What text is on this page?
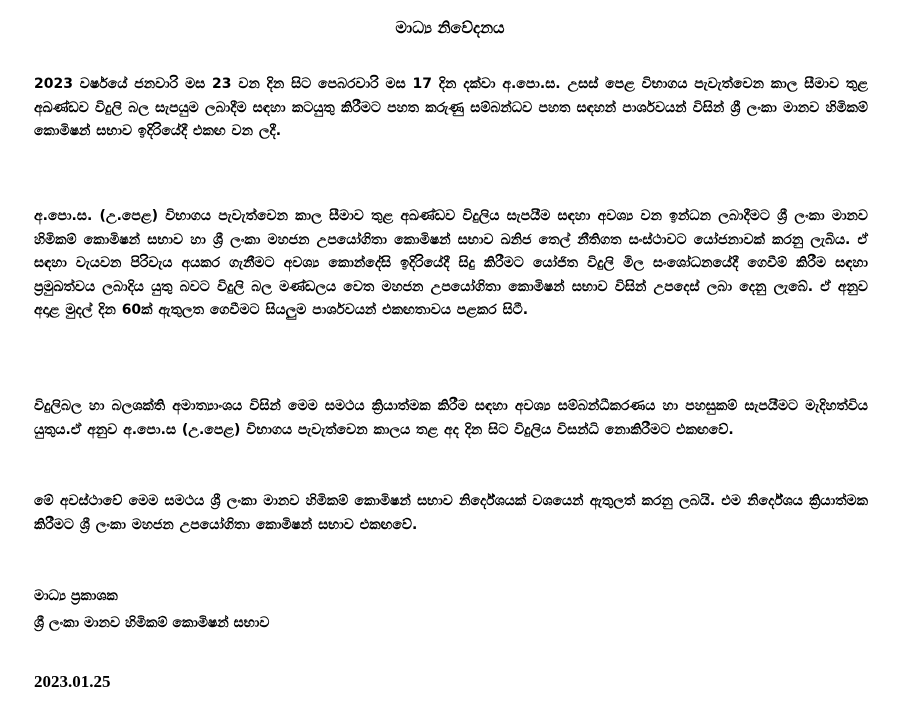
මාධ්‍ය නිවේදනය

2023 වර්ෂයේ ජනවාරි මස 23 වන දින සිට පෙබරවාරි මස 17 දින දක්වා අ.පො.ස. උසස් පෙළ විභාගය පැවැත්වෙන කාල සීමාව තුළ අඛණ්ඩව විදුලි බල සැපයුම ලබාදීම සඳහා කටයුතු කිරීමට පහත කරුණු සම්බන්ධව පහත සඳහන් පාර්ශවයන් විසින් ශ්‍රී ලංකා මානව හිමිකම් කොමිෂන් සභාව ඉදිරියේදී එකඟ වන ලදී.

අ.පො.ස. (උ.පෙළ) විභාගය පැවැත්වෙන කාල සීමාව තුළ අඛණ්ඩව විදුලිය සැපයීම සඳහා අවශ්‍ය වන ඉන්ධන ලබාදීමට ශ්‍රී ලංකා මානව හිමිකම් කොමිෂන් සභාව හා ශ්‍රී ලංකා මහජන උපයෝගිතා කොමිෂන් සභාව ඛනිජ තෙල් නීතිගත සංස්ථාවට යෝජනාවක් කරනු ලැබිය. ඒ සඳහා වැයවන පිරිවැය අයකර ගැනීමට අවශ්‍ය කොන්දේසි ඉදිරියේදී සිදු කිරීමට යෝජිත විදුලි මිල සංශෝධනයේදී ගෙවීම් කිරීම සඳහා ප්‍රමුඛත්වය ලබාදිය යුතු බවට විදුලි බල මණ්ඩලය වෙත මහජන උපයෝගිතා කොමිෂන් සභාව විසින් උපදෙස් ලබා දෙනු ලැබේ. ඒ අනුව අදාළ මුදල් දින 60ක් ඇතුලත ගෙවීමට සියලුම පාර්ශවයන් එකඟතාවය පළකර සිටී.

විදුලිබල හා බලශක්ති අමාත්‍යාංශය විසින් මෙම සමථය ක්‍රියාත්මක කිරීම සඳහා අවශ්‍ය සම්බන්ධීකරණය හා පහසුකම් සැපයීමට මැදිහත්විය යුතුය.ඒ අනුව අ.පො.ස (උ.පෙළ) විභාගය පැවැත්වෙන කාලය තළ අද දින සිට විදුලිය විසන්ධි නොකිරීමට එකඟවේ.

මේ අවස්ථාවේ මෙම සමථය ශ්‍රී ලංකා මානව හිමිකම් කොමිෂන් සභාව නිර්දේශයක් වශයෙන් ඇතුලත් කරනු ලබයි. එම නිර්දේශය ක්‍රියාත්මක කිරීමට ශ්‍රී ලංකා මහජන උපයෝගිතා කොමිෂන් සභාව එකඟවේ.

මාධ්‍ය ප්‍රකාශක
ශ්‍රී ලංකා මානව හිමිකම් කොමිෂන් සභාව
2023.01.25
